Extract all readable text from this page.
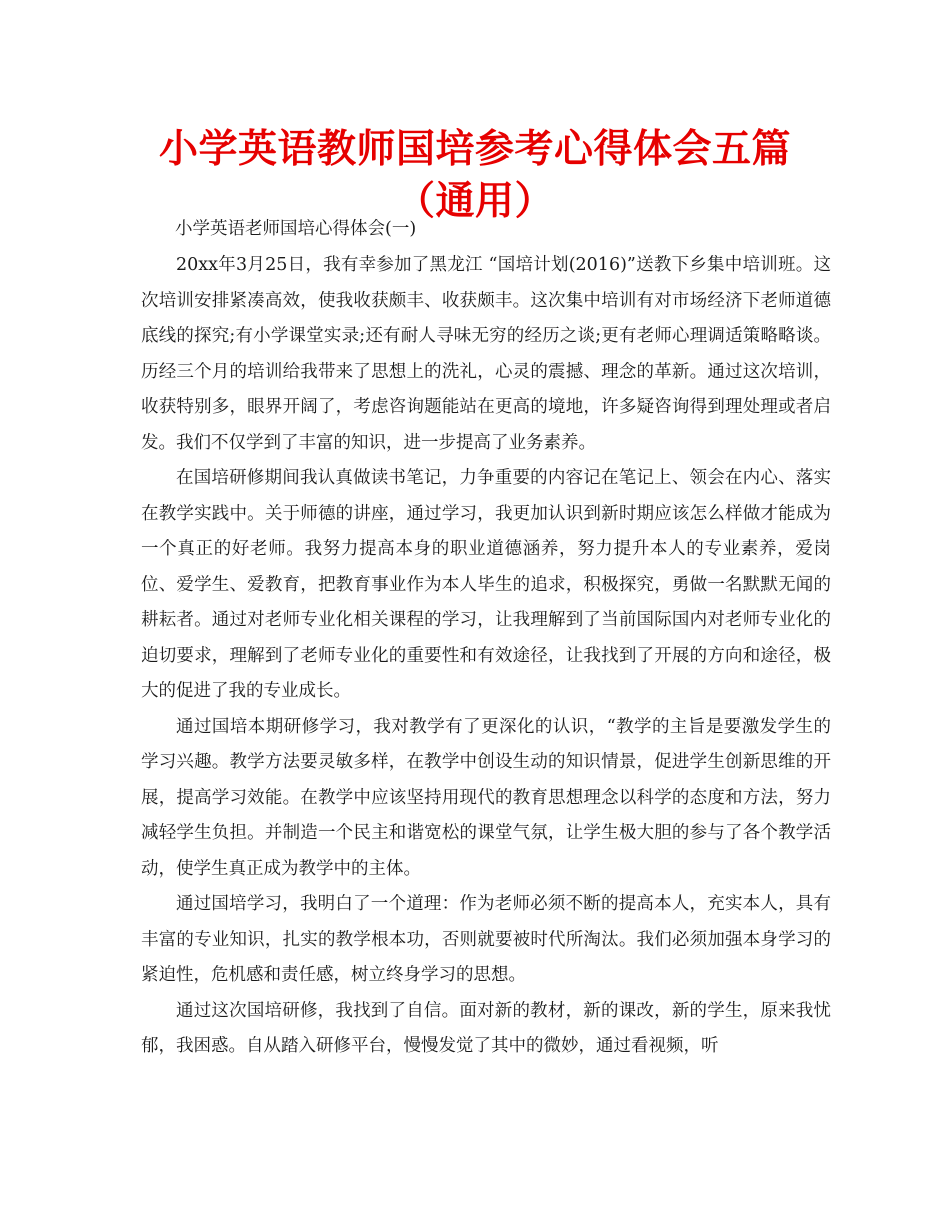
小学英语教师国培参考心得体会五篇（通用）

小学英语老师国培心得体会(一)

20xx年3月25日，我有幸参加了黑龙江 “国培计划(2016)”送教下乡集中培训班。这次培训安排紧凑高效，使我收获颇丰、收获颇丰。这次集中培训有对市场经济下老师道德底线的探究;有小学课堂实录;还有耐人寻味无穷的经历之谈;更有老师心理调适策略略谈。历经三个月的培训给我带来了思想上的洗礼，心灵的震撼、理念的革新。通过这次培训，收获特别多，眼界开阔了，考虑咨询题能站在更高的境地，许多疑咨询得到理处理或者启发。我们不仅学到了丰富的知识，进一步提高了业务素养。

在国培研修期间我认真做读书笔记，力争重要的内容记在笔记上、领会在内心、落实在教学实践中。关于师德的讲座，通过学习，我更加认识到新时期应该怎么样做才能成为一个真正的好老师。我努力提高本身的职业道德涵养，努力提升本人的专业素养，爱岗位、爱学生、爱教育，把教育事业作为本人毕生的追求，积极探究，勇做一名默默无闻的耕耘者。通过对老师专业化相关课程的学习，让我理解到了当前国际国内对老师专业化的迫切要求，理解到了老师专业化的重要性和有效途径，让我找到了开展的方向和途径，极大的促进了我的专业成长。

通过国培本期研修学习，我对教学有了更深化的认识，“教学的主旨是要激发学生的学习兴趣。教学方法要灵敏多样，在教学中创设生动的知识情景，促进学生创新思维的开展，提高学习效能。在教学中应该坚持用现代的教育思想理念以科学的态度和方法，努力减轻学生负担。并制造一个民主和谐宽松的课堂气氛，让学生极大胆的参与了各个教学活动，使学生真正成为教学中的主体。

通过国培学习，我明白了一个道理：作为老师必须不断的提高本人，充实本人，具有丰富的专业知识，扎实的教学根本功，否则就要被时代所淘汰。我们必须加强本身学习的紧迫性，危机感和责任感，树立终身学习的思想。

通过这次国培研修，我找到了自信。面对新的教材，新的课改，新的学生，原来我忧郁，我困惑。自从踏入研修平台，慢慢发觉了其中的微妙，通过看视频，听
